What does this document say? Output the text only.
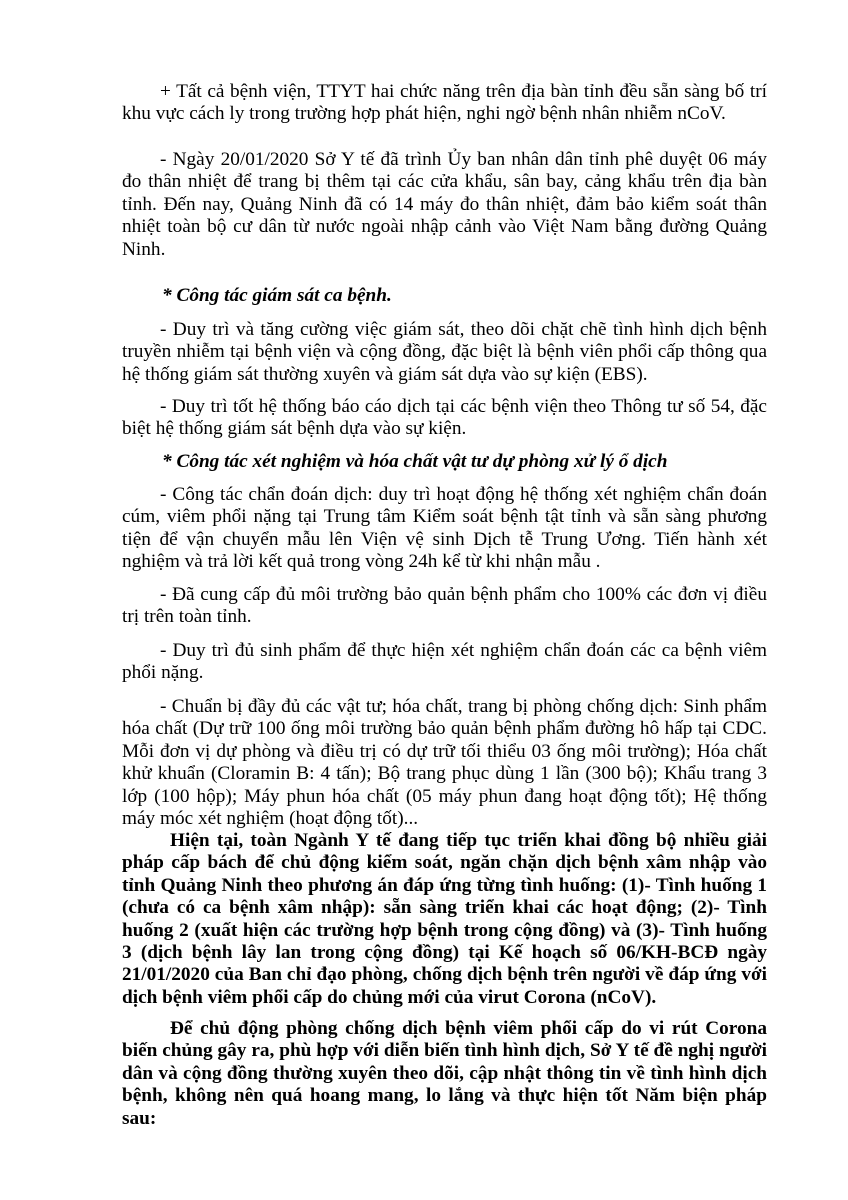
+ Tất cả bệnh viện, TTYT hai chức năng trên địa bàn tỉnh đều sẵn sàng bố trí khu vực cách ly trong trường hợp phát hiện, nghi ngờ bệnh nhân nhiễm nCoV.

- Ngày 20/01/2020 Sở Y tế đã trình Ủy ban nhân dân tỉnh phê duyệt 06 máy đo thân nhiệt để trang bị thêm tại các cửa khẩu, sân bay, cảng khẩu trên địa bàn tỉnh. Đến nay, Quảng Ninh đã có 14 máy đo thân nhiệt, đảm bảo kiểm soát thân nhiệt toàn bộ cư dân từ nước ngoài nhập cảnh vào Việt Nam bằng đường Quảng Ninh.

* Công tác giám sát ca bệnh.

- Duy trì và tăng cường việc giám sát, theo dõi chặt chẽ tình hình dịch bệnh truyền nhiễm tại bệnh viện và cộng đồng, đặc biệt là bệnh viên phổi cấp thông qua hệ thống giám sát thường xuyên và giám sát dựa vào sự kiện (EBS).

- Duy trì tốt hệ thống báo cáo dịch tại các bệnh viện theo Thông tư số 54, đặc biệt hệ thống giám sát bệnh dựa vào sự kiện.

* Công tác xét nghiệm và hóa chất vật tư dự phòng xử lý ổ dịch

- Công tác chẩn đoán dịch: duy trì hoạt động hệ thống xét nghiệm chẩn đoán cúm, viêm phổi nặng tại Trung tâm Kiểm soát bệnh tật tỉnh và sẵn sàng phương tiện để vận chuyển mẫu lên Viện vệ sinh Dịch tễ Trung Ương. Tiến hành xét nghiệm và trả lời kết quả trong vòng 24h kể từ khi nhận mẫu .

- Đã cung cấp đủ môi trường bảo quản bệnh phẩm cho 100% các đơn vị điều trị trên toàn tỉnh.

- Duy trì đủ sinh phẩm để thực hiện xét nghiệm chẩn đoán các ca bệnh viêm phổi nặng.

- Chuẩn bị đầy đủ các vật tư; hóa chất, trang bị phòng chống dịch: Sinh phẩm hóa chất (Dự trữ 100 ống môi trường bảo quản bệnh phẩm đường hô hấp tại CDC. Mỗi đơn vị dự phòng và điều trị có dự trữ tối thiểu 03 ống môi trường); Hóa chất khử khuẩn (Cloramin B: 4 tấn); Bộ trang phục dùng 1 lần (300 bộ); Khẩu trang 3 lớp (100 hộp); Máy phun hóa chất (05 máy phun đang hoạt động tốt); Hệ thống máy móc xét nghiệm (hoạt động tốt)...

Hiện tại, toàn Ngành Y tế đang tiếp tục triển khai đồng bộ nhiều giải pháp cấp bách để chủ động kiểm soát, ngăn chặn dịch bệnh xâm nhập vào tỉnh Quảng Ninh theo phương án đáp ứng từng tình huống: (1)- Tình huống 1 (chưa có ca bệnh xâm nhập): sẵn sàng triển khai các hoạt động; (2)- Tình huống 2 (xuất hiện các trường hợp bệnh trong cộng đồng) và (3)- Tình huống 3 (dịch bệnh lây lan trong cộng đồng) tại Kế hoạch số 06/KH-BCĐ ngày 21/01/2020 của Ban chỉ đạo phòng, chống dịch bệnh trên người về đáp ứng với dịch bệnh viêm phổi cấp do chủng mới của virut Corona (nCoV).

Để chủ động phòng chống dịch bệnh viêm phổi cấp do vi rút Corona biến chủng gây ra, phù hợp với diễn biến tình hình dịch, Sở Y tế đề nghị người dân và cộng đồng thường xuyên theo dõi, cập nhật thông tin về tình hình dịch bệnh, không nên quá hoang mang, lo lắng và thực hiện tốt Năm biện pháp sau:
